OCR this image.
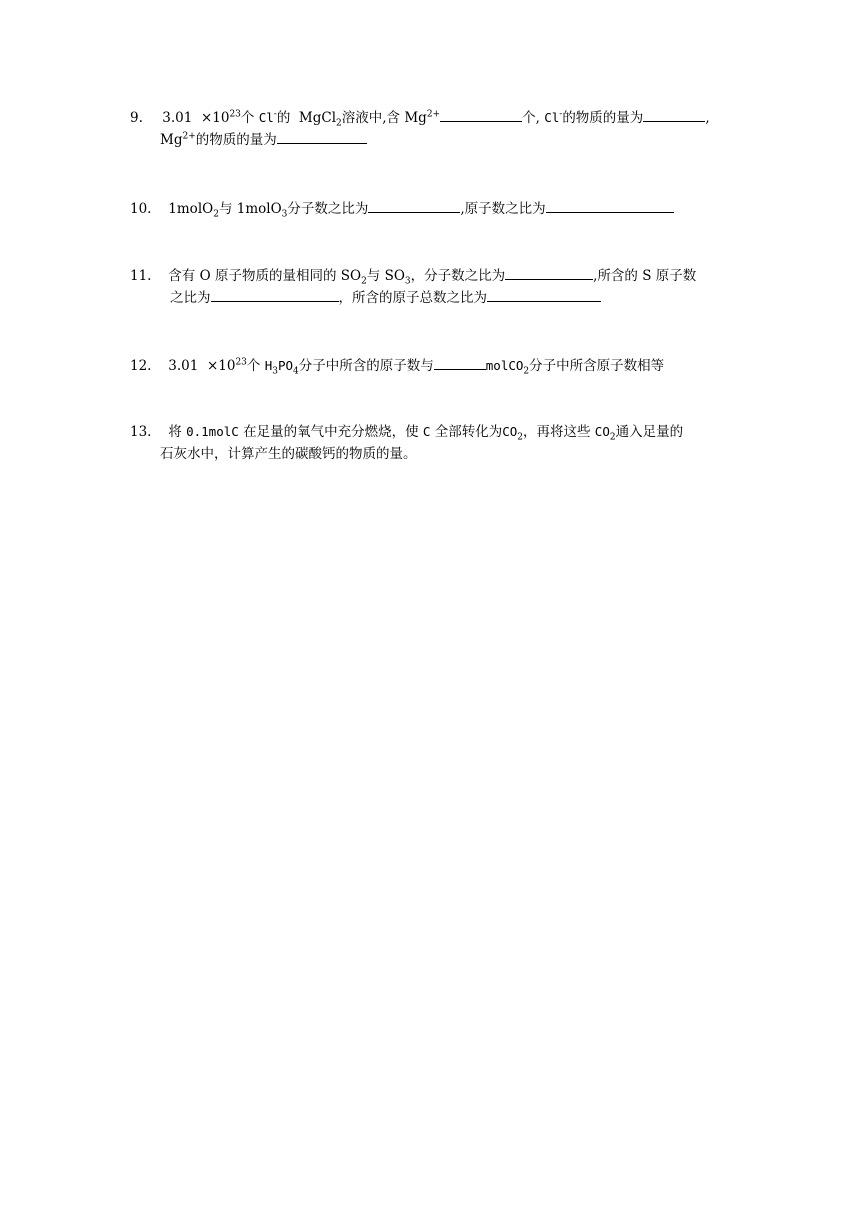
9. $3.01 \times 10^{23}$个 Cl-的 MgCl$_2$溶液中,含 $Mg^{2+}$	个, Cl-的物质的量为	,
$Mg^{2+}$的物质的量为
10. 1molO$_2$与 1molO$_3$分子数之比为	,原子数之比为
11. 含有 O 原子物质的量相同的 $SO_2$与 $SO_3$，分子数之比为	,所含的 S 原子数
之比为	，所含的原子总数之比为
12. $3.01 \times 10^{23}$个 $H_3PO_4$分子中所含的原子数与	molCO$_2$分子中所含原子数相等
13. 将 0.1molC 在足量的氧气中充分燃烧，使 C 全部转化为$CO_2$，再将这些 $CO_2$通入足量的
石灰水中，计算产生的碳酸钙的物质的量。
